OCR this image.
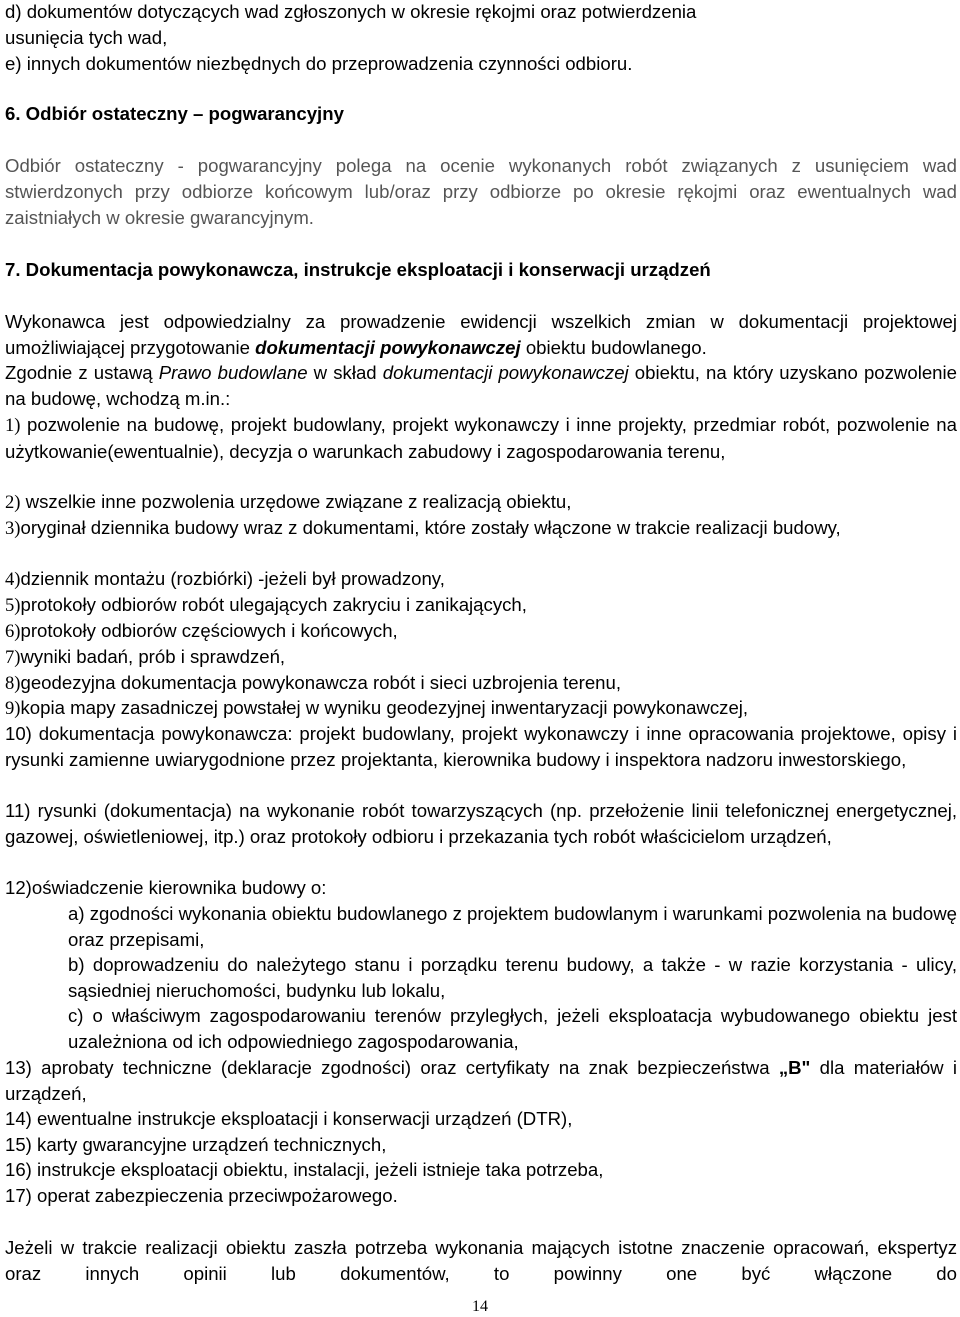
d) dokumentów dotyczących wad zgłoszonych w okresie rękojmi oraz potwierdzenia

usunięcia tych wad,

e) innych dokumentów niezbędnych do przeprowadzenia czynności odbioru.

6. Odbiór ostateczny – pogwarancyjny

Odbiór ostateczny - pogwarancyjny polega na ocenie wykonanych robót związanych z usunięciem wad stwierdzonych przy odbiorze końcowym lub/oraz przy odbiorze po okresie rękojmi oraz ewentualnych wad zaistniałych w okresie gwarancyjnym.

7. Dokumentacja powykonawcza, instrukcje eksploatacji i konserwacji urządzeń

Wykonawca jest odpowiedzialny za prowadzenie ewidencji wszelkich zmian w dokumentacji projektowej umożliwiającej przygotowanie dokumentacji powykonawczej obiektu budowlanego.

Zgodnie z ustawą Prawo budowlane w skład dokumentacji powykonawczej obiektu, na który uzyskano pozwolenie na budowę, wchodzą m.in.:

1) pozwolenie na budowę, projekt budowlany, projekt wykonawczy i inne projekty, przedmiar robót, pozwolenie na użytkowanie(ewentualnie), decyzja o warunkach zabudowy i zagospodarowania terenu,

2) wszelkie inne pozwolenia urzędowe związane z realizacją obiektu,

3)oryginał dziennika budowy wraz z dokumentami, które zostały włączone w trakcie realizacji budowy,

4)dziennik montażu (rozbiórki) -jeżeli był prowadzony,

5)protokoły odbiorów robót ulegających zakryciu i zanikających,

6)protokoły odbiorów częściowych i końcowych,

7)wyniki badań, prób i sprawdzeń,

8)geodezyjna dokumentacja powykonawcza robót i sieci uzbrojenia terenu,

9)kopia mapy zasadniczej powstałej w wyniku geodezyjnej inwentaryzacji powykonawczej,

10) dokumentacja powykonawcza: projekt budowlany, projekt wykonawczy i inne opracowania projektowe, opisy i rysunki zamienne uwiarygodnione przez projektanta, kierownika budowy i inspektora nadzoru inwestorskiego,

11) rysunki (dokumentacja) na wykonanie robót towarzyszących (np. przełożenie linii telefonicznej energetycznej, gazowej, oświetleniowej, itp.) oraz protokoły odbioru i przekazania tych robót właścicielom urządzeń,

12)oświadczenie kierownika budowy o:

a) zgodności wykonania obiektu budowlanego z projektem budowlanym i warunkami pozwolenia na budowę oraz przepisami,

b) doprowadzeniu do należytego stanu i porządku terenu budowy, a także - w razie korzystania - ulicy, sąsiedniej nieruchomości, budynku lub lokalu,

c) o właściwym zagospodarowaniu terenów przyległych, jeżeli eksploatacja wybudowanego obiektu jest uzależniona od ich odpowiedniego zagospodarowania,

13) aprobaty techniczne (deklaracje zgodności) oraz certyfikaty na znak bezpieczeństwa „B" dla materiałów i urządzeń,

14) ewentualne instrukcje eksploatacji i konserwacji urządzeń (DTR),

15) karty gwarancyjne urządzeń technicznych,

16) instrukcje eksploatacji obiektu, instalacji, jeżeli istnieje taka potrzeba,

17) operat zabezpieczenia przeciwpożarowego.

Jeżeli w trakcie realizacji obiektu zaszła potrzeba wykonania mających istotne znaczenie opracowań, ekspertyz oraz innych opinii lub dokumentów, to powinny one być włączone do

14
